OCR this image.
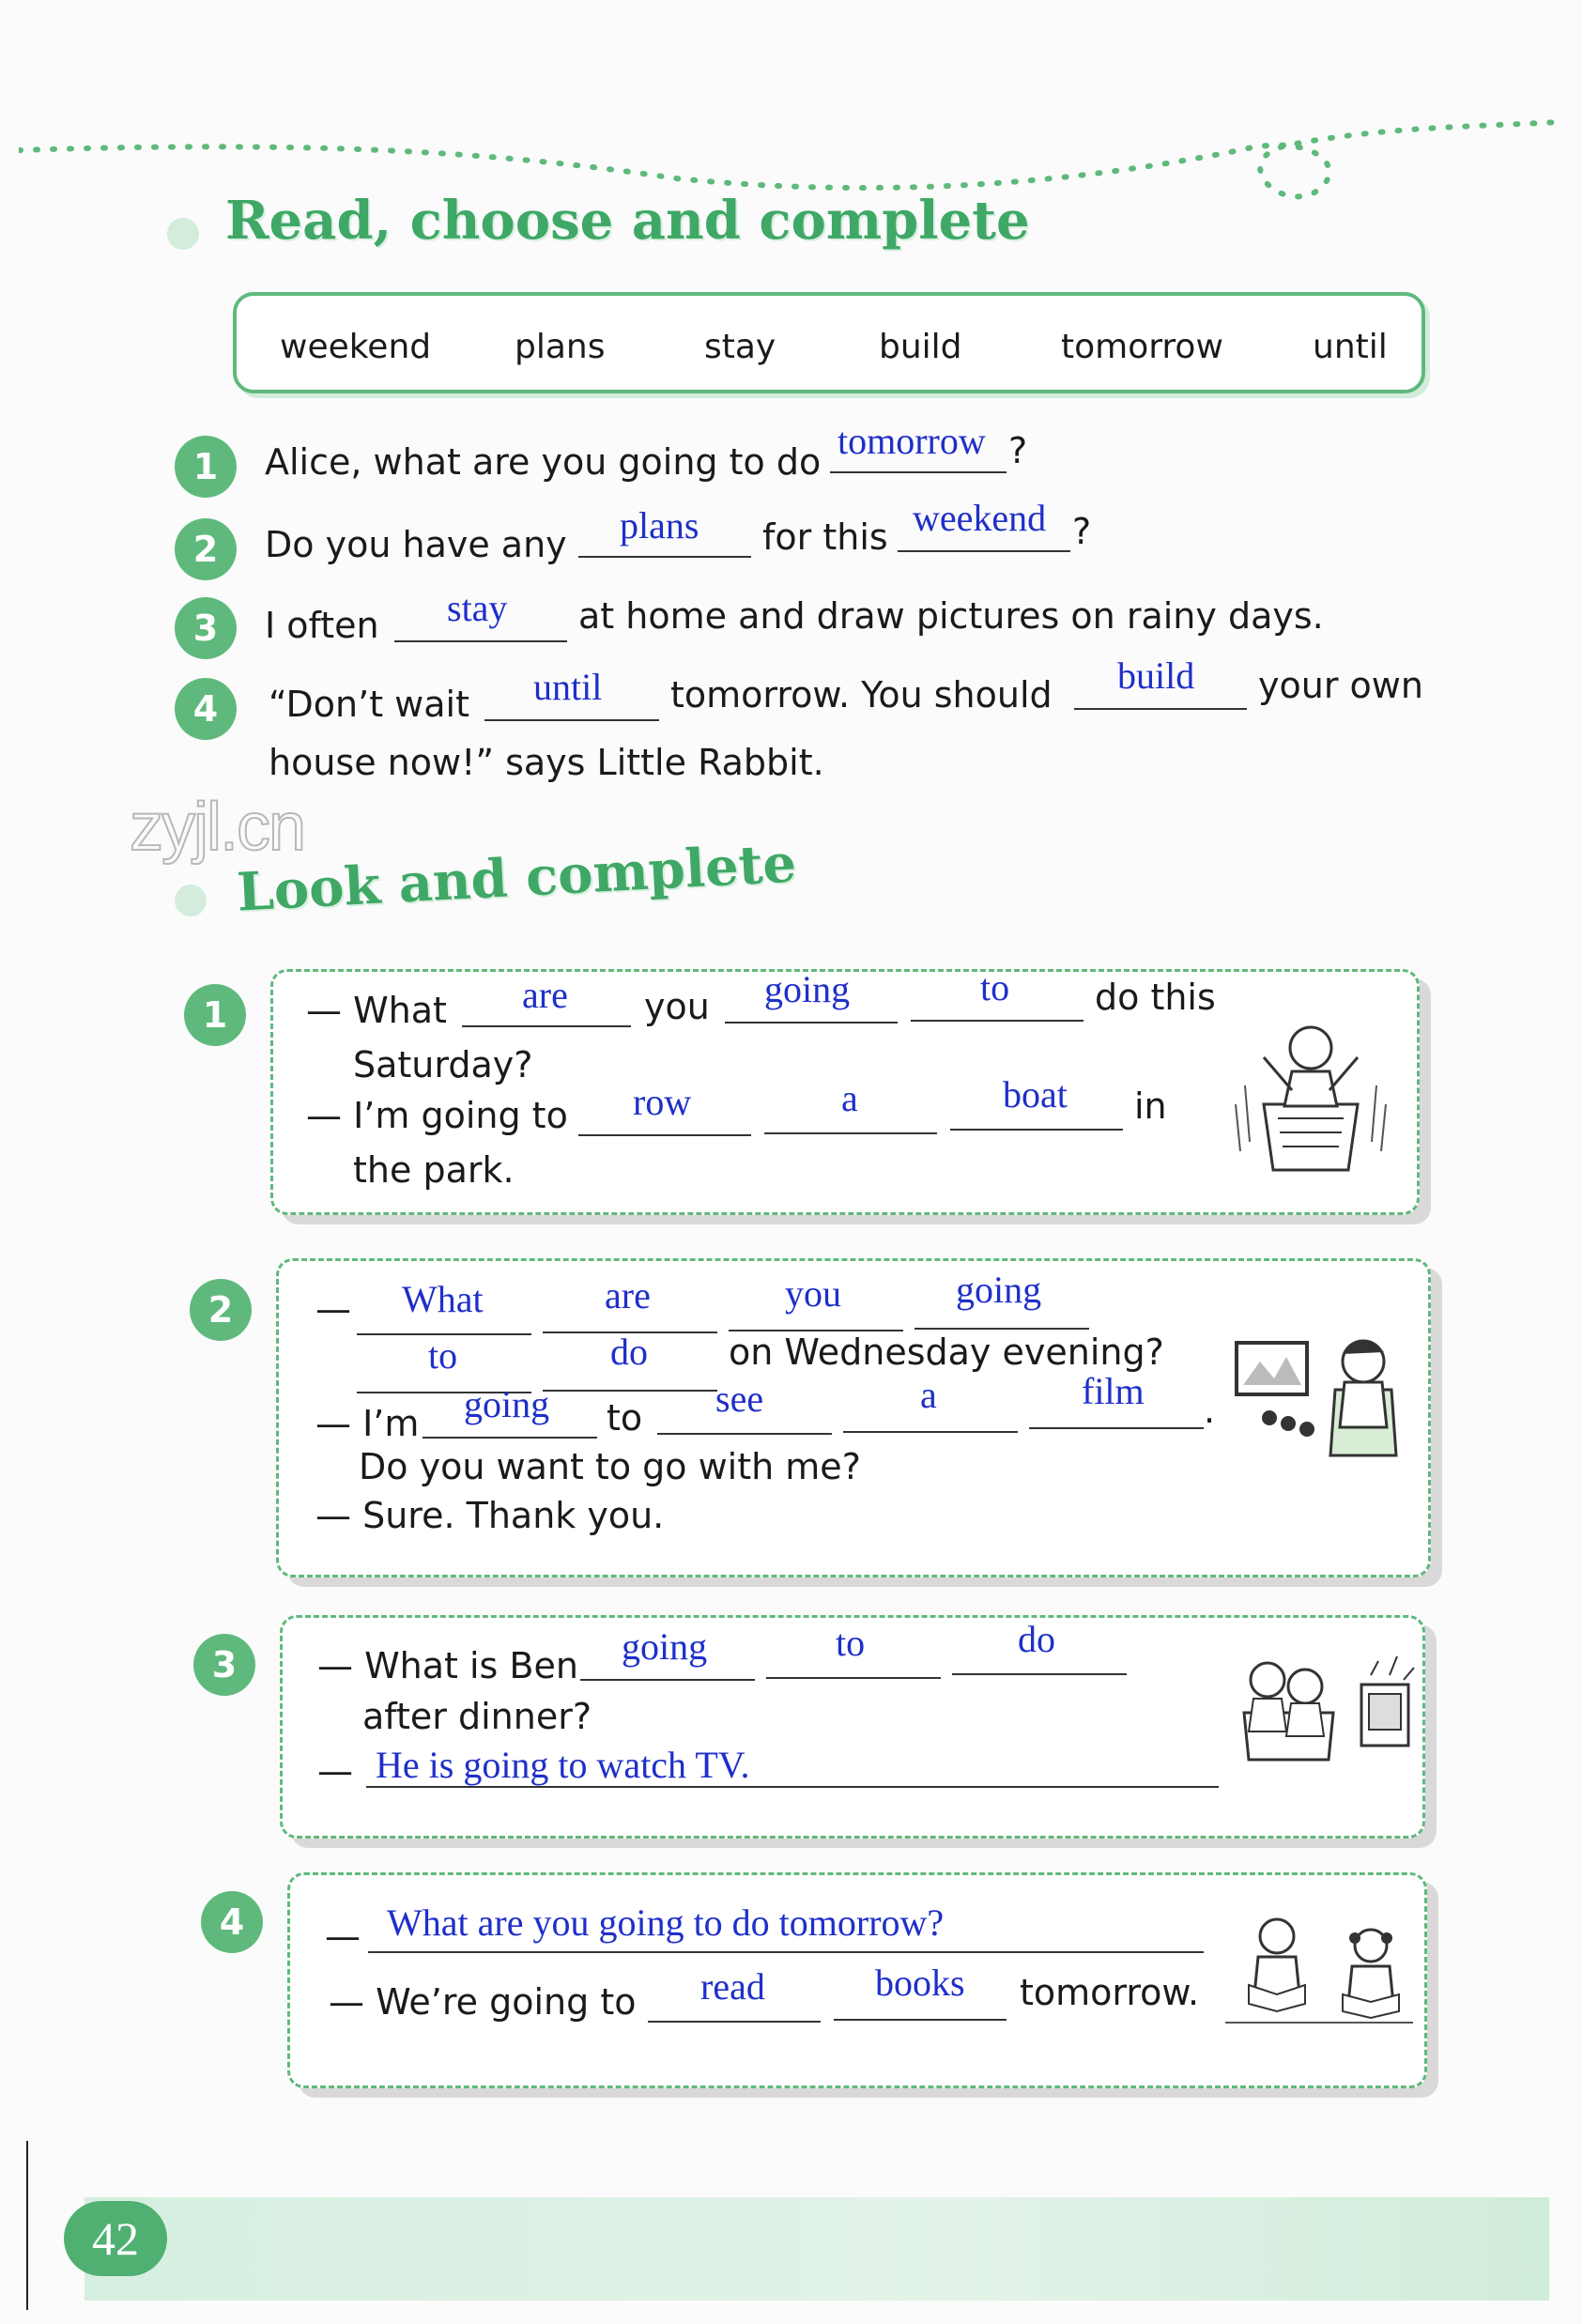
Read, choose and complete
weekend plans	stay	build	tomorrow	until
1	Alice, what are you going to do tomorrow ?
2	Do you have any plans for this weekend ?
3	I often stay at home and draw pictures on rainy days.
4	“Don’t wait until tomorrow. You should build your own
house now!” says Little Rabbit.
zyjl.cn
Look and complete
1	— What are you going	to do this
Saturday?
— I’m going to row	a	boat in
the park.
2	— What	are	you	going
to	do on Wednesday evening?
— I’m going to see	a	film .
Do you want to go with me?
— Sure. Thank you.
3	— What is Ben going	to	do
after dinner?
— He is going to watch TV.
4	— What are you going to do tomorrow?
— We’re going to read	books tomorrow.
42
